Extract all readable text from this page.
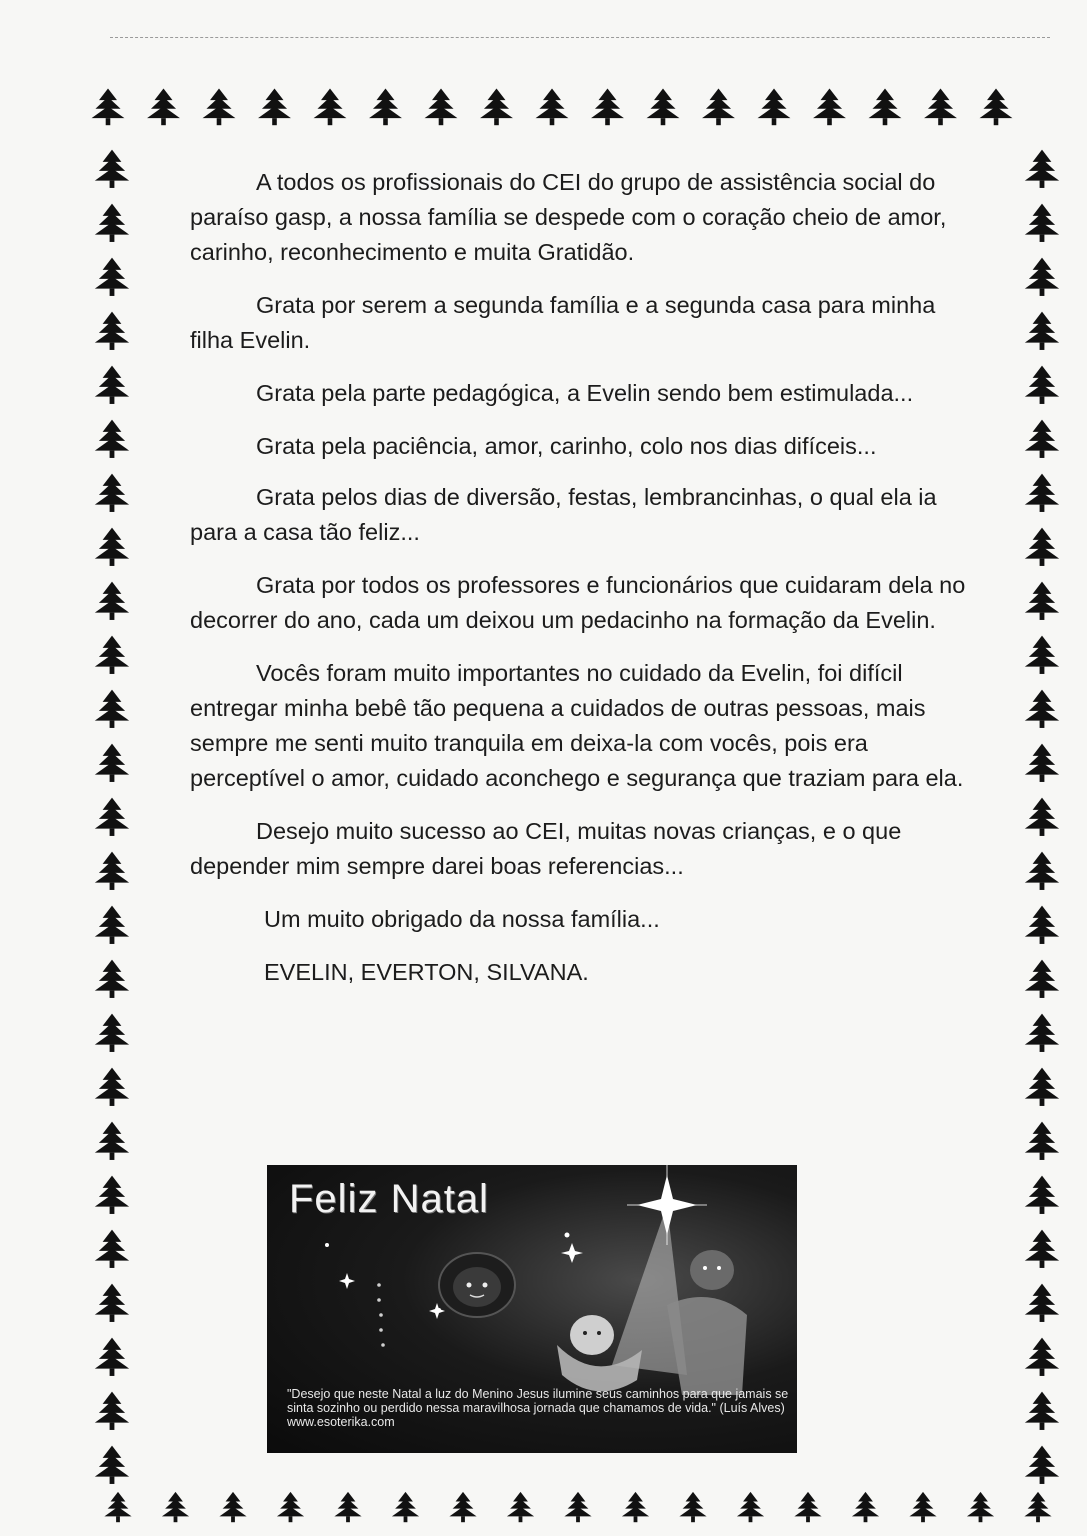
A todos os profissionais do CEI do grupo de assistência social do paraíso gasp, a nossa família se despede com o coração cheio de amor, carinho, reconhecimento e muita Gratidão.

Grata por serem a segunda família e a segunda casa para minha filha Evelin.

Grata pela parte pedagógica, a Evelin sendo bem estimulada...

Grata pela paciência, amor, carinho, colo nos dias difíceis...

Grata pelos dias de diversão, festas, lembrancinhas, o qual ela ia para a casa tão feliz...

Grata por todos os professores e funcionários que cuidaram dela no decorrer do ano, cada um deixou um pedacinho na formação da Evelin.

Vocês foram muito importantes no cuidado da Evelin, foi difícil entregar minha bebê tão pequena a cuidados de outras pessoas, mais sempre me senti muito tranquila em deixa-la com vocês, pois era perceptível o amor, cuidado aconchego e segurança que traziam para ela.

Desejo muito sucesso ao CEI, muitas novas crianças, e o que depender mim sempre darei boas referencias...

Um muito obrigado da nossa família...

EVELIN, EVERTON, SILVANA.

Feliz Natal
"Desejo que neste Natal a luz do Menino Jesus ilumine seus caminhos para que jamais se sinta sozinho ou perdido nessa maravilhosa jornada que chamamos de vida." (Luís Alves) www.esoterika.com
